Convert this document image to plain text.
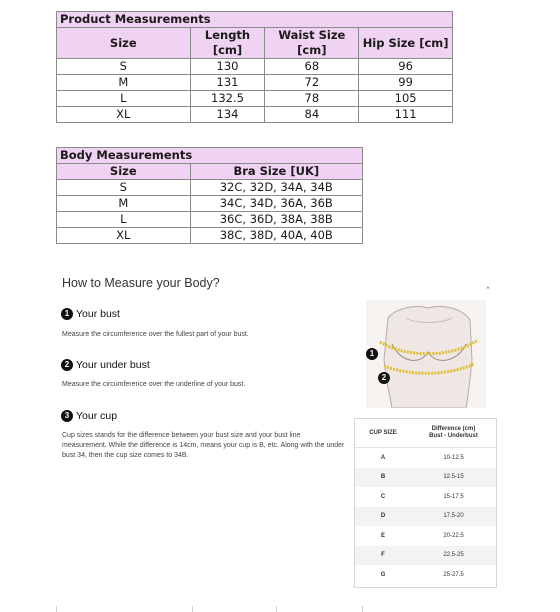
Product Measurements			
Size	Length [cm]	Waist Size [cm]	Hip Size [cm]
S	130	68	96
M	131	72	99
L	132.5	78	105
XL	134	84	111
Body Measurements	
Size	Bra Size [UK]
S	32C, 32D, 34A, 34B
M	34C, 34D, 36A, 36B
L	36C, 36D, 38A, 38B
XL	38C, 38D, 40A, 40B
How to Measure your Body?	‸
1 Your bust
Measure the circumference over the fullest part of your bust.
2 Your under bust
Measure the circumference over the underline of your bust.
3 Your cup
Cup sizes stands for the difference between your bust size and your bust line measurement. While the difference is 14cm, means your cup is B, etc. Along with the under bust 34, then the cup size comes to 34B.
1
2
CUP SIZE
Difference (cm)
Bust - Underbust
A	10-12.5
B	12.5-15
C	15-17.5
D	17.5-20
E	20-22.5
F	22.5-25
G	25-27.5
